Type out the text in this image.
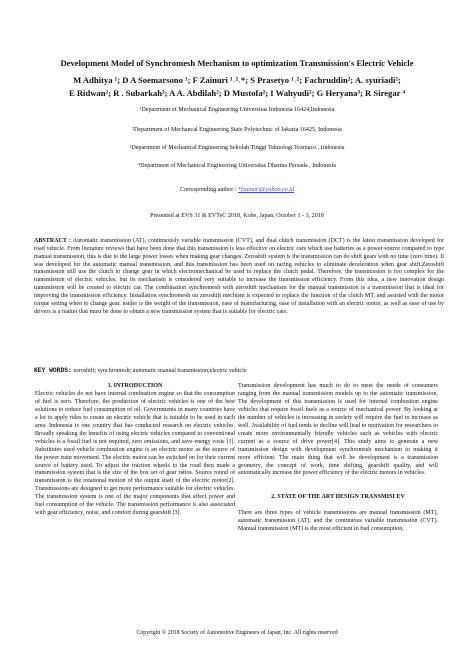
Development Model of Synchromesh Mechanism to optimization Transmission's Electric Vehicle
M Adhitya ¹; D A Soemarsono ¹; F Zainuri ¹˒²˒*; S Prasetyo ¹˒²; Fachruddin²; A. syuriadi²;
E Ridwan²; R . Subarkah²; A A. Abdilah²; D Mustofa²; I Wahyudi²; G Heryana³; R Siregar ⁴
¹Department of Mechanical Engineering Universitas Indonesia 16424,Indonesia
²Department of Mechancal Engineering State Polytechnic of Jakarta 16425, Indonesia
³Department of Mechanical Engineering Sekolah Tinggi Teknologi Texmaco , Indonesia
⁴Department of Mechanical Engineering Universitas Dharma Persada , Indonesia
Corresponding author : *fzainuri@yahoo.co.id
Presented at EVS 31 & EVTeC 2018, Kobe, Japan, October 1 - 3, 2018
ABSTRACT : Automatic transmission (AT), continuously variable transmission (CVT), and dual clutch transmission (DCT) is the latest transmission developed for road vehicle. From literature reviews that have been done that this transmission is less effective on electric cars which use batteries as a power source compared to type manual transmission, this is due to the large power losses when making gear changes. Zeroshift system is the transmission can do shift gears with no time (zero time). It was developed for the automatic manual transmission, and this transmission has been used on racing vehicles to eliminate deceleration when gear shift.Zeroshift transmission still use the clutch to change gear in which electromechanical be used to replace the clutch pedal. Therefore, the transmission is too complex for the transmission of electric vehicles, but its mechanism is considered very suitable to increase the transmission efficiency. From this idea, a new innovation design transmission will be created to electric car. The combination synchromesh with zeroshift mechanism for the manual transmission is a transmission that is ideal for improving the transmission efficiency. Installation synchromesh on zeroshift mechism is expected to replace the function of the clutch MT, and assisted with the motor torque setting when to change gear. nsider is the weight of the transmission, ease of manufacturing, ease of installation with an electric motor, as well as ease of use by drivers is a matter that must be done to obtain a new transmission system that is suitable for electric cars.
KEY WORDS: zeroshift; synchromesh; automatic manual transmission;electric vehicle
1. INTRODUCTION

Electric vehicles do not have internal combustion engine so that the consumption of fuel is zero. Therefore, the production of electric vehicles is one of the best solutions to reduce fuel consumption of oil. Governments in many countries have a lot to apply rules to create an electric vehicle that is suitable to be used in each area. Indonesia is one country that has conducted research on electric vehicles. Broadly speaking the benefits of using electric vehicles compared to conventional vehicles is a fossil fuel is not required, zero emissions, and save energy costs [1]. Substitutes used vehicle combustion engine is an electric motor as the source of the power train movement. The electric motor can be switched on for their current source of battery used. To adjust the traction wheels to the road then made a transmission system that is the size of the box set of gear ratios. Source round of transmission is the rotational motion of the output shaft of the electric motor[2]. Transmissions are designed to get more performance suitable for electric vehicles. The transmission system is one of the major components that affect power and fuel consumption of the vehicle. The transmission performance is also associated with gear efficiency, noise, and comfort during gearshift [3].

Transmission development has much to do to meet the needs of consumers ranging from the manual transmission models up to the automatic transmission. The development of this transmission is used for internal combustion engine vehicles that require fossil fuels as a source of mechanical power. By looking at the number of vehicles is increasing in society will require the fuel to increase as well. Availability of fuel tends to decline will lead to motivation for researchers to create more environmentally friendly vehicles such as vehicles with electric current as a source of drive power[4]. This study aims to generate a new transmission design with development synchromesh mechanism to making it more efficient. The main thing that will be development is a transmission geometry, the concept of work, time shifting, gearshift quality, and will automatically increase the power efficiency of the electric motors in vehicles.

2. STATE OF THE ART DESIGN TRANSMISI EV

There are three types of vehicle transmissions are manual transmission (MT), automatic transmission (AT), and the continuous variable transmission (CVT). Manual transmission (MT) is the most efficient in fuel consumption,

Copyright © 2018 Society of Automotive Engineers of Japan, Inc. All rights reserved
